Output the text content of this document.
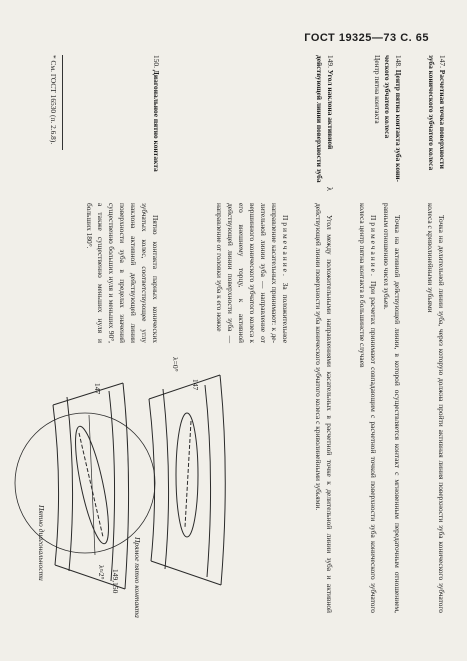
ГОСТ 19325—73 С. 65
147. Расчетная точка поверхности зуба конического зубчатого колеса

Точка на делительной линии зуба, через которую должна пройти активная линия поверхности зуба конического зубчатого колеса с криволинейными зубьями

148. Центр пятна контакта зуба конического зубчатого колеса
Центр пятна контакта

Точка на активной действующей линии, в которой осуществляется контакт с мгновенным передаточным отношением, равным отношению чисел зубьев.

Примечание. При расчетах принимают совпадающим с расчетной точкой поверхности зуба конического зубчатого колеса центр пятна контакта в большинстве случаев

149. Угол наклона активной действующей линии поверхности зуба
λ

Угол между положительными направлениями касательных в расчетной точке к делительной линии зуба и активной действующей линии поверхности зуба конического зубчатого колеса с криволинейными зубьями.

Примечание. За положительное направление касательных принимают: к делительной линии зуба — направление от вершинного конического зубчатого колеса к его внешнему торцу, к активной действующей линии поверхности зуба — направление от головки зуба к его ножке

150. Диагональное пятно контакта

Пятно контакта парных конических зубчатых колес, соответствующее углу наклона активной действующей линии поверхности зуба в пределах значений существенно больших нуля и меньших 90°, а также существенно меньших нуля и больших 180°.

* См. ГОСТ 16530 (п. 2.6.8).
λ=0°
147
Прямое пятно контакта
Пятно диагональности
147
λ≈2° 149,150
